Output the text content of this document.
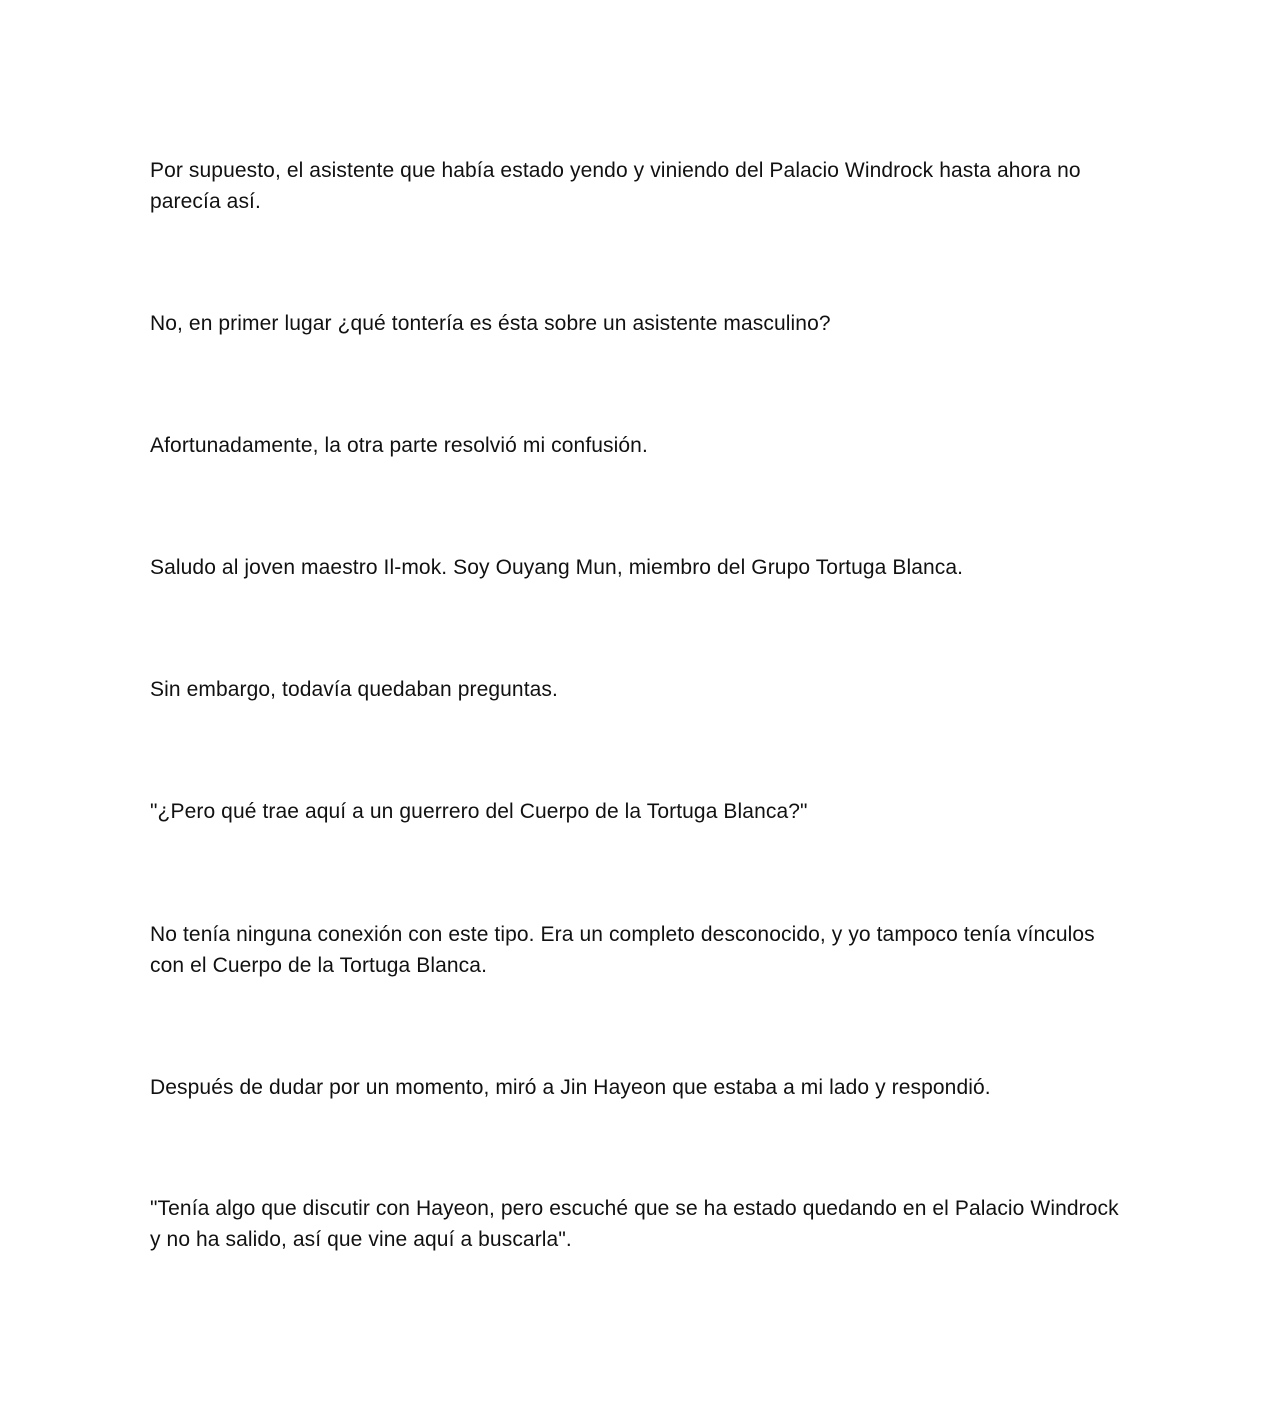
Por supuesto, el asistente que había estado yendo y viniendo del Palacio Windrock hasta ahora no parecía así.

No, en primer lugar ¿qué tontería es ésta sobre un asistente masculino?

Afortunadamente, la otra parte resolvió mi confusión.

Saludo al joven maestro Il-mok. Soy Ouyang Mun, miembro del Grupo Tortuga Blanca.

Sin embargo, todavía quedaban preguntas.

"¿Pero qué trae aquí a un guerrero del Cuerpo de la Tortuga Blanca?"

No tenía ninguna conexión con este tipo. Era un completo desconocido, y yo tampoco tenía vínculos con el Cuerpo de la Tortuga Blanca.

Después de dudar por un momento, miró a Jin Hayeon que estaba a mi lado y respondió.

"Tenía algo que discutir con Hayeon, pero escuché que se ha estado quedando en el Palacio Windrock y no ha salido, así que vine aquí a buscarla".
